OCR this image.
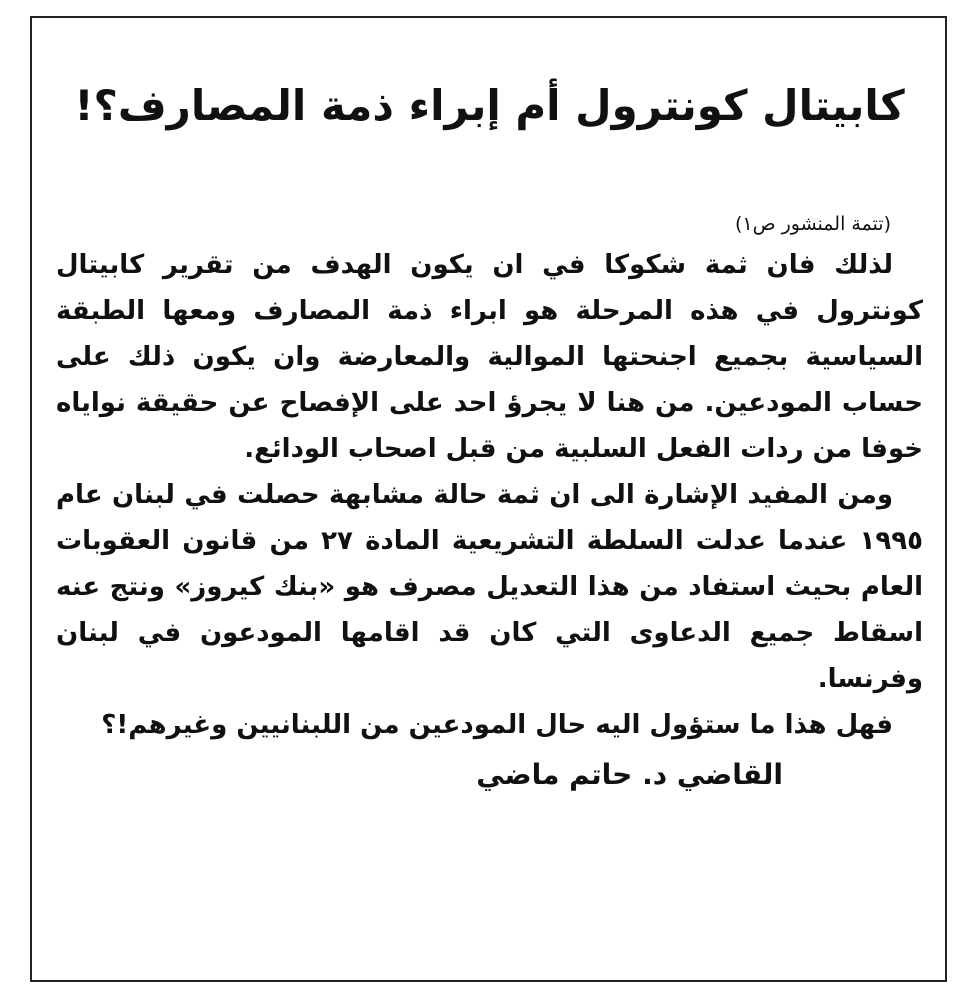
كابيتال كونترول أم إبراء ذمة المصارف؟!
(تتمة المنشور ص١)

لذلك فان ثمة شكوكا في ان يكون الهدف من تقرير كابيتال كونترول في هذه المرحلة هو ابراء ذمة المصارف ومعها الطبقة السياسية بجميع اجنحتها الموالية والمعارضة وان يكون ذلك على حساب المودعين. من هنا لا يجرؤ احد على الإفصاح عن حقيقة نواياه خوفا من ردات الفعل السلبية من قبل اصحاب الودائع.

ومن المفيد الإشارة الى ان ثمة حالة مشابهة حصلت في لبنان عام ١٩٩٥ عندما عدلت السلطة التشريعية المادة ٢٧ من قانون العقوبات العام بحيث استفاد من هذا التعديل مصرف هو «بنك كيروز» ونتج عنه اسقاط جميع الدعاوى التي كان قد اقامها المودعون في لبنان وفرنسا.

فهل هذا ما ستؤول اليه حال المودعين من اللبنانيين وغيرهم!؟

القاضي د. حاتم ماضي
